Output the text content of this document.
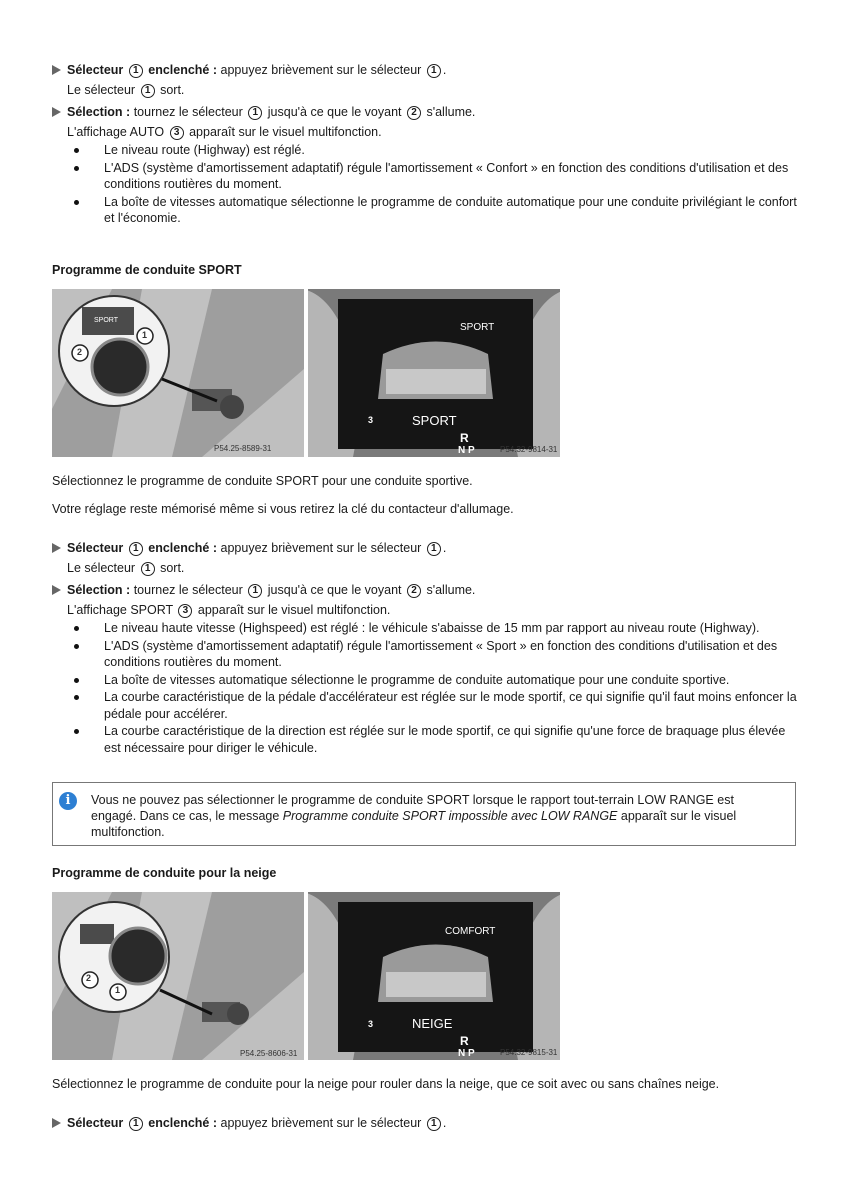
Sélecteur 1 enclenché : appuyez brièvement sur le sélecteur 1 .
Le sélecteur 1 sort.
Sélection : tournez le sélecteur 1 jusqu'à ce que le voyant 2 s'allume.
L'affichage AUTO 3 apparaît sur le visuel multifonction.
Le niveau route (Highway) est réglé.
L'ADS (système d'amortissement adaptatif) régule l'amortissement « Confort » en fonction des conditions d'utilisation et des conditions routières du moment.
La boîte de vitesses automatique sélectionne le programme de conduite automatique pour une conduite privilégiant le confort et l'économie.
Programme de conduite SPORT
SPORT
1
2
P54.25-8589-31
SPORT
3	SPORT
R
N P	P54.32-9814-31
Sélectionnez le programme de conduite SPORT pour une conduite sportive.
Votre réglage reste mémorisé même si vous retirez la clé du contacteur d'allumage.
Sélecteur 1 enclenché : appuyez brièvement sur le sélecteur 1 .
Le sélecteur 1 sort.
Sélection : tournez le sélecteur 1 jusqu'à ce que le voyant 2 s'allume.
L'affichage SPORT 3 apparaît sur le visuel multifonction.
Le niveau haute vitesse (Highspeed) est réglé : le véhicule s'abaisse de 15 mm par rapport au niveau route (Highway).
L'ADS (système d'amortissement adaptatif) régule l'amortissement « Sport » en fonction des conditions d'utilisation et des conditions routières du moment.
La boîte de vitesses automatique sélectionne le programme de conduite automatique pour une conduite sportive.
La courbe caractéristique de la pédale d'accélérateur est réglée sur le mode sportif, ce qui signifie qu'il faut moins enfoncer la pédale pour accélérer.
La courbe caractéristique de la direction est réglée sur le mode sportif, ce qui signifie qu'une force de braquage plus élevée est nécessaire pour diriger le véhicule.
i	Vous ne pouvez pas sélectionner le programme de conduite SPORT lorsque le rapport tout-terrain LOW RANGE est engagé. Dans ce cas, le message Programme conduite SPORT impossible avec LOW RANGE apparaît sur le visuel multifonction.
Programme de conduite pour la neige
2
1
P54.25-8606-31
COMFORT
3	NEIGE
R
N P	P54.32-9815-31
Sélectionnez le programme de conduite pour la neige pour rouler dans la neige, que ce soit avec ou sans chaînes neige.
Sélecteur 1 enclenché : appuyez brièvement sur le sélecteur 1 .
